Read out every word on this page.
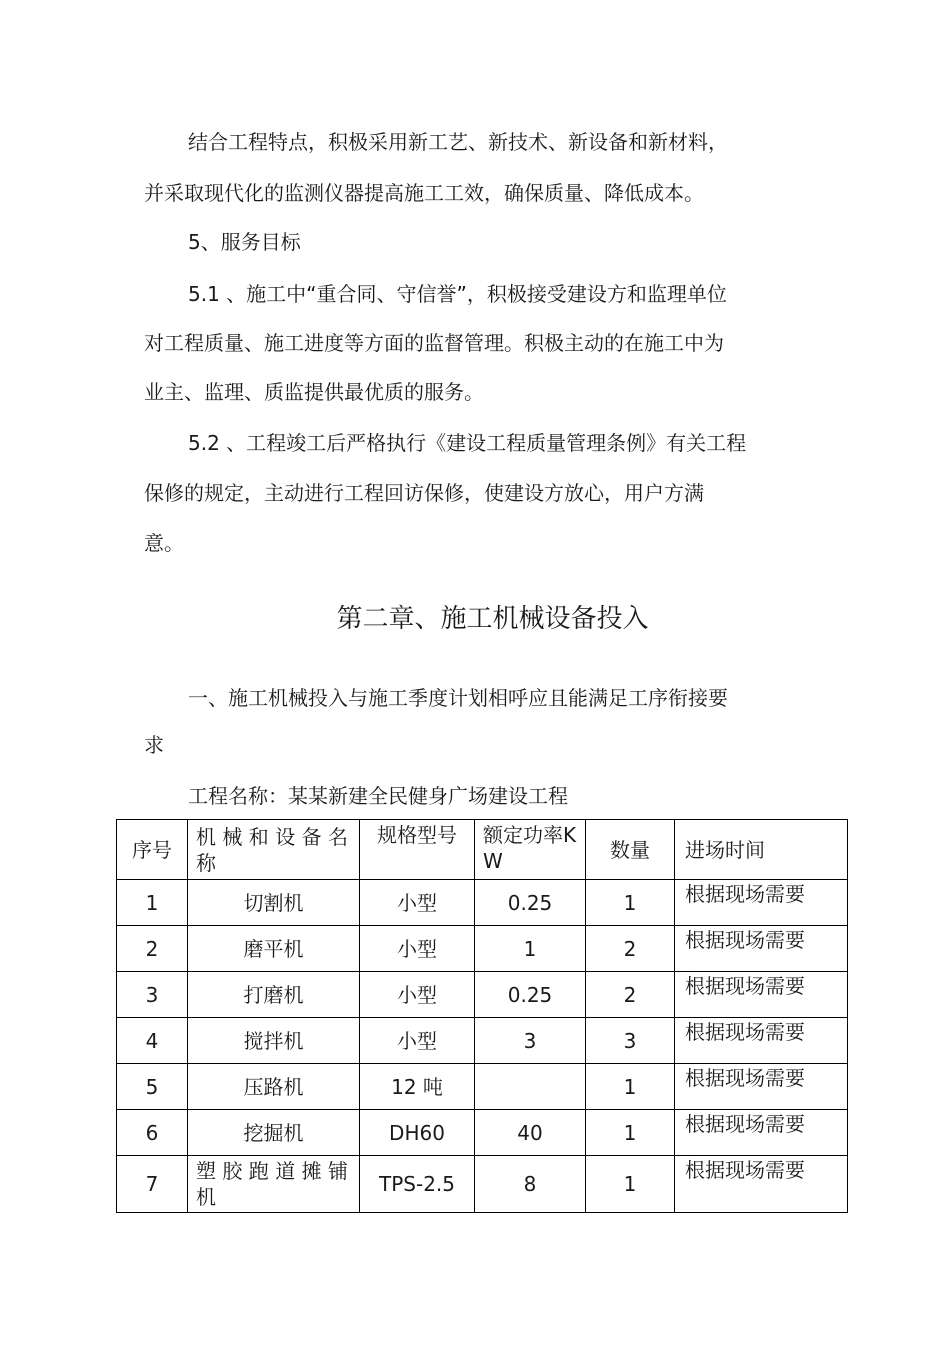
结合工程特点，积极采用新工艺、新技术、新设备和新材料，

并采取现代化的监测仪器提高施工工效，确保质量、降低成本。

5、服务目标

5.1 、施工中“重合同、守信誉”，积极接受建设方和监理单位

对工程质量、施工进度等方面的监督管理。积极主动的在施工中为

业主、监理、质监提供最优质的服务。

5.2 、工程竣工后严格执行《建设工程质量管理条例》有关工程

保修的规定，主动进行工程回访保修，使建设方放心，用户方满

意。

第二章、施工机械设备投入

一、施工机械投入与施工季度计划相呼应且能满足工序衔接要

求

工程名称：某某新建全民健身广场建设工程

序号	机械和设备名称	规格型号	额定功率KW	数量	进场时间
1	切割机	小型	0.25	1	根据现场需要
2	磨平机	小型	1	2	根据现场需要
3	打磨机	小型	0.25	2	根据现场需要
4	搅拌机	小型	3	3	根据现场需要
5	压路机	12 吨		1	根据现场需要
6	挖掘机	DH60	40	1	根据现场需要
7	塑胶跑道摊铺机	TPS-2.5	8	1	根据现场需要
